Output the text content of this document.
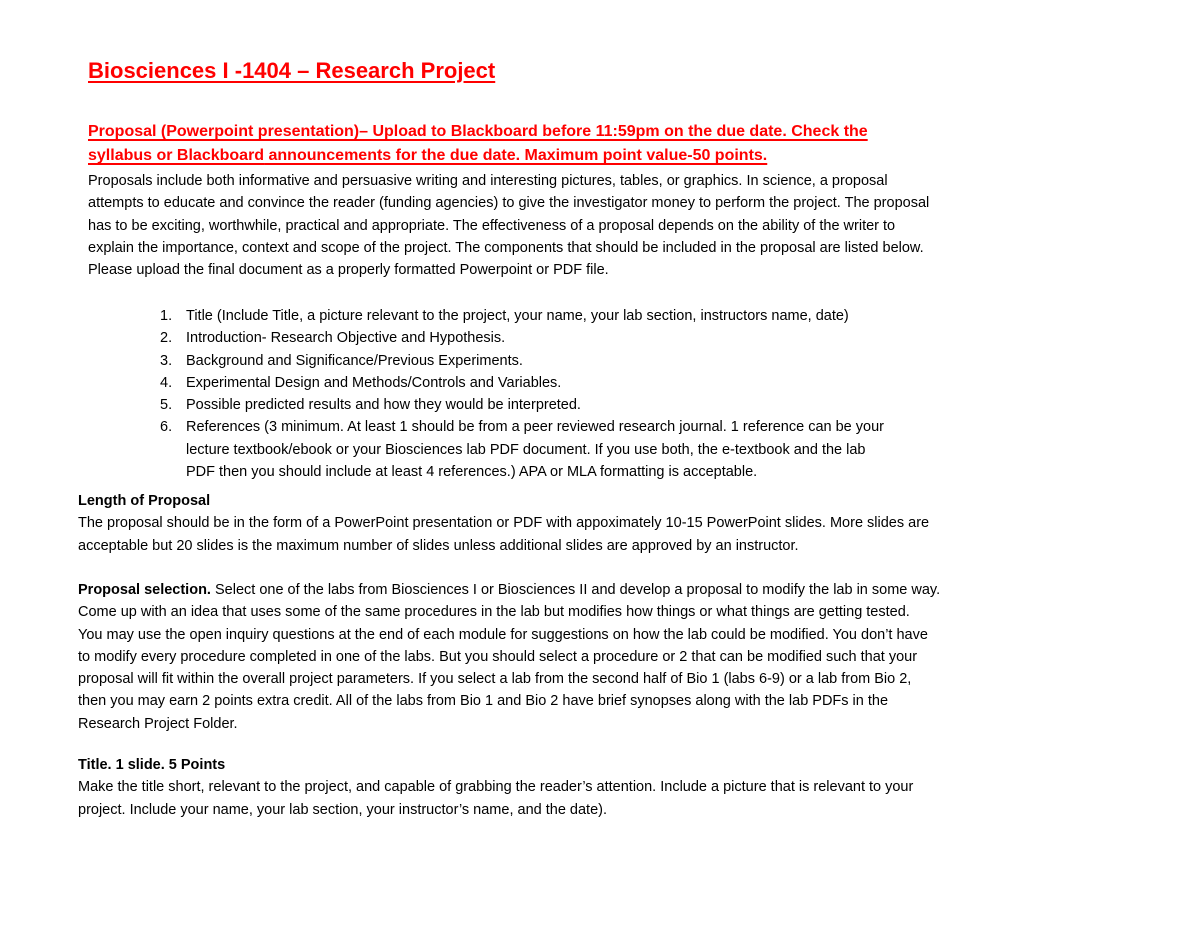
Biosciences I -1404 – Research Project
Proposal (Powerpoint presentation)– Upload to Blackboard before 11:59pm on the due date. Check the
syllabus or Blackboard announcements for the due date. Maximum point value-50 points.
Proposals include both informative and persuasive writing and interesting pictures, tables, or graphics. In science, a proposal
attempts to educate and convince the reader (funding agencies) to give the investigator money to perform the project. The proposal
has to be exciting, worthwhile, practical and appropriate. The effectiveness of a proposal depends on the ability of the writer to
explain the importance, context and scope of the project. The components that should be included in the proposal are listed below.
Please upload the final document as a properly formatted Powerpoint or PDF file.
1. Title (Include Title, a picture relevant to the project, your name, your lab section, instructors name, date)
2. Introduction- Research Objective and Hypothesis.
3. Background and Significance/Previous Experiments.
4. Experimental Design and Methods/Controls and Variables.
5. Possible predicted results and how they would be interpreted.
6. References (3 minimum. At least 1 should be from a peer reviewed research journal. 1 reference can be your
lecture textbook/ebook or your Biosciences lab PDF document. If you use both, the e-textbook and the lab
PDF then you should include at least 4 references.) APA or MLA formatting is acceptable.
Length of Proposal
The proposal should be in the form of a PowerPoint presentation or PDF with appoximately 10-15 PowerPoint slides. More slides are
acceptable but 20 slides is the maximum number of slides unless additional slides are approved by an instructor.
Proposal selection. Select one of the labs from Biosciences I or Biosciences II and develop a proposal to modify the lab in some way.
Come up with an idea that uses some of the same procedures in the lab but modifies how things or what things are getting tested.
You may use the open inquiry questions at the end of each module for suggestions on how the lab could be modified. You don’t have
to modify every procedure completed in one of the labs. But you should select a procedure or 2 that can be modified such that your
proposal will fit within the overall project parameters. If you select a lab from the second half of Bio 1 (labs 6-9) or a lab from Bio 2,
then you may earn 2 points extra credit. All of the labs from Bio 1 and Bio 2 have brief synopses along with the lab PDFs in the
Research Project Folder.
Title. 1 slide. 5 Points
Make the title short, relevant to the project, and capable of grabbing the reader’s attention. Include a picture that is relevant to your
project. Include your name, your lab section, your instructor’s name, and the date).
